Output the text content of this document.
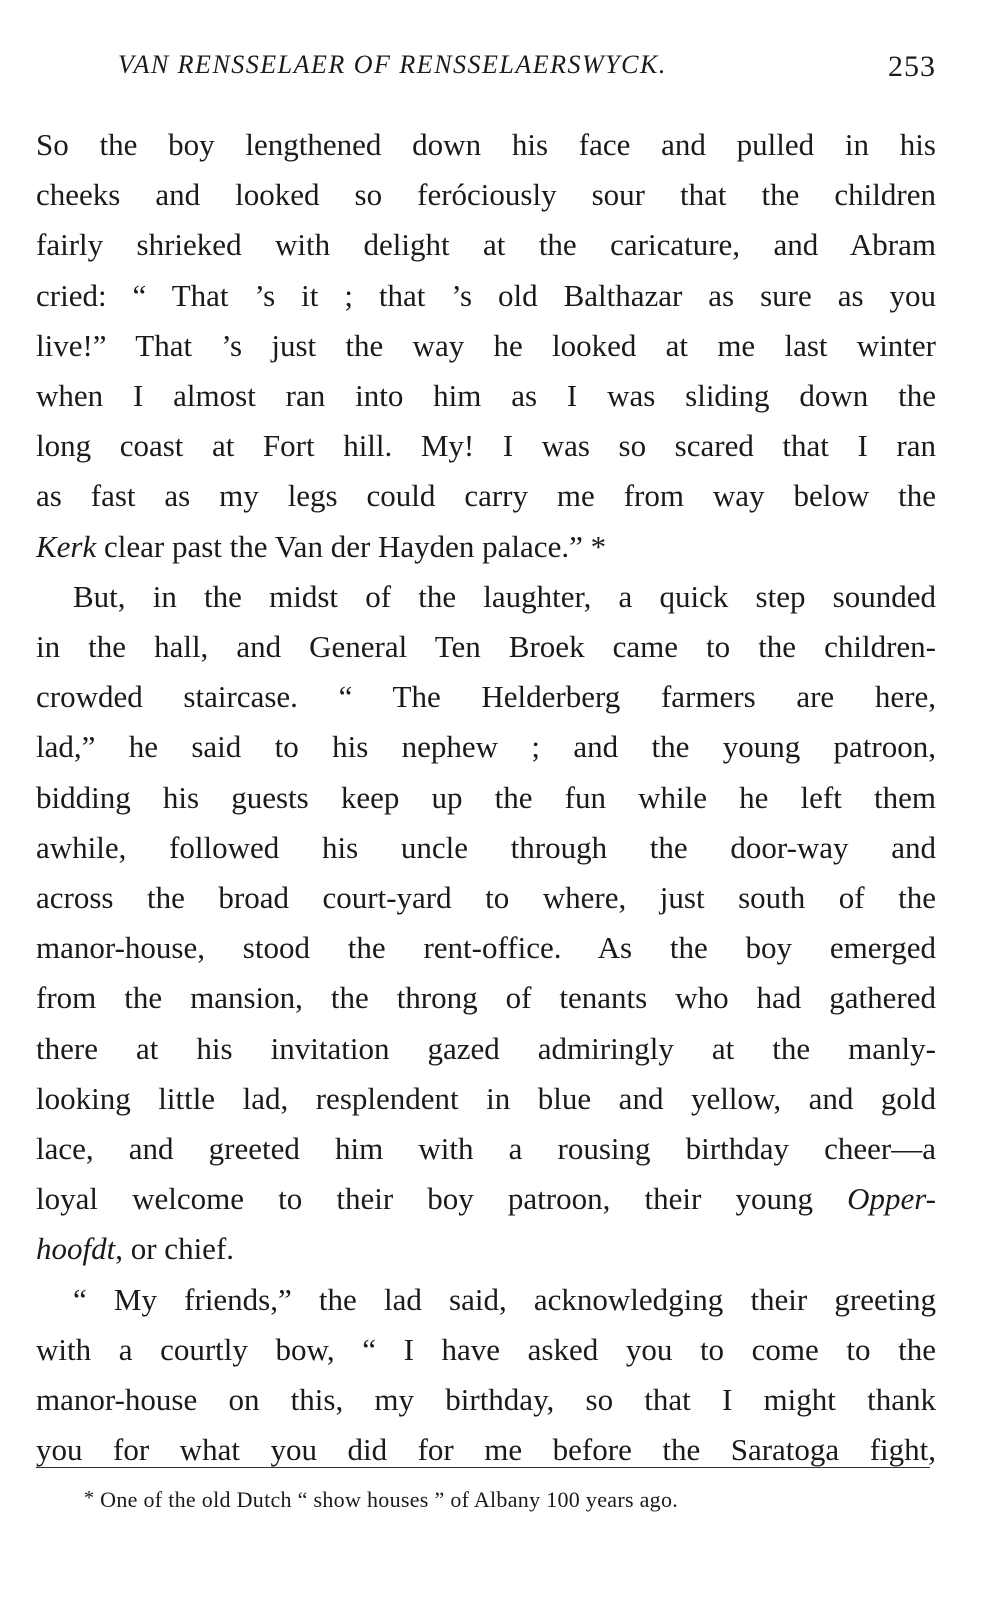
VAN RENSSELAER OF RENSSELAERSWYCK.	253

So the boy lengthened down his face and pulled in his
cheeks and looked so feróciously sour that the children
fairly shrieked with delight at the caricature, and Abram
cried: “ That ’s it ; that ’s old Balthazar as sure as you
live!” That ’s just the way he looked at me last winter
when I almost ran into him as I was sliding down the
long coast at Fort hill. My! I was so scared that I ran
as fast as my legs could carry me from way below the
Kerk clear past the Van der Hayden palace.” *

But, in the midst of the laughter, a quick step sounded
in the hall, and General Ten Broek came to the children-
crowded staircase. “ The Helderberg farmers are here,
lad,” he said to his nephew ; and the young patroon,
bidding his guests keep up the fun while he left them
awhile, followed his uncle through the door-way and
across the broad court-yard to where, just south of the
manor-house, stood the rent-office. As the boy emerged
from the mansion, the throng of tenants who had gathered
there at his invitation gazed admiringly at the manly-
looking little lad, resplendent in blue and yellow, and gold
lace, and greeted him with a rousing birthday cheer—a
loyal welcome to their boy patroon, their young Opper-
hoofdt, or chief.

“ My friends,” the lad said, acknowledging their greeting
with a courtly bow, “ I have asked you to come to the
manor-house on this, my birthday, so that I might thank
you for what you did for me before the Saratoga fight,

* One of the old Dutch “ show houses ” of Albany 100 years ago.
